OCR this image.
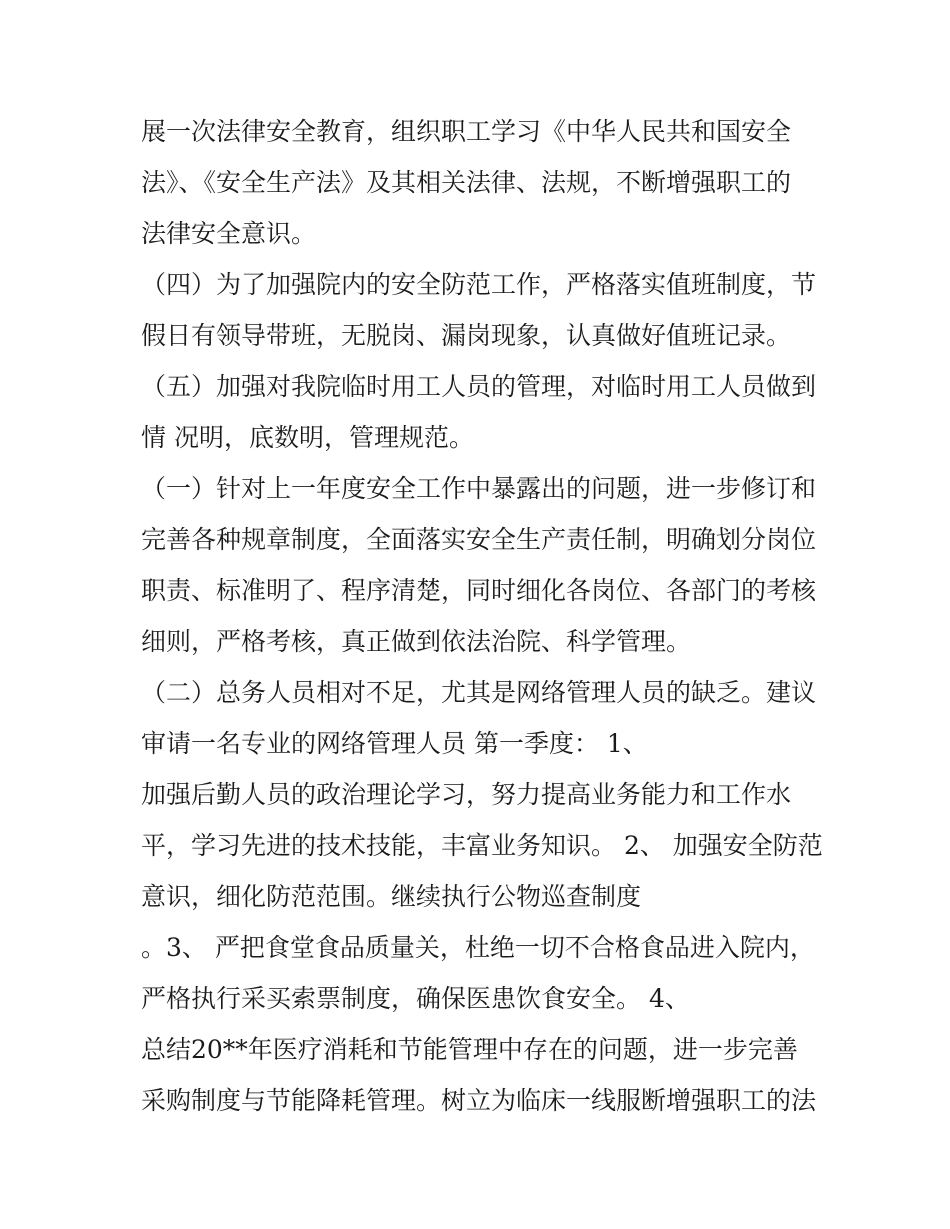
展一次法律安全教育，组织职工学习《中华人民共和国安全
法》、《安全生产法》及其相关法律、法规，不断增强职工的
法律安全意识。
（四）为了加强院内的安全防范工作，严格落实值班制度，节
假日有领导带班，无脱岗、漏岗现象，认真做好值班记录。
（五）加强对我院临时用工人员的管理，对临时用工人员做到
情 况明，底数明，管理规范。
（一）针对上一年度安全工作中暴露出的问题，进一步修订和
完善各种规章制度，全面落实安全生产责任制，明确划分岗位
职责、标准明了、程序清楚，同时细化各岗位、各部门的考核
细则，严格考核，真正做到依法治院、科学管理。
（二）总务人员相对不足，尤其是网络管理人员的缺乏。建议
审请一名专业的网络管理人员 第一季度： 1、
加强后勤人员的政治理论学习，努力提高业务能力和工作水
平，学习先进的技术技能，丰富业务知识。 2、 加强安全防范
意识，细化防范范围。继续执行公物巡查制度
。3、 严把食堂食品质量关，杜绝一切不合格食品进入院内，
严格执行采买索票制度，确保医患饮食安全。 4、
总结20**年医疗消耗和节能管理中存在的问题，进一步完善
采购制度与节能降耗管理。树立为临床一线服断增强职工的法
